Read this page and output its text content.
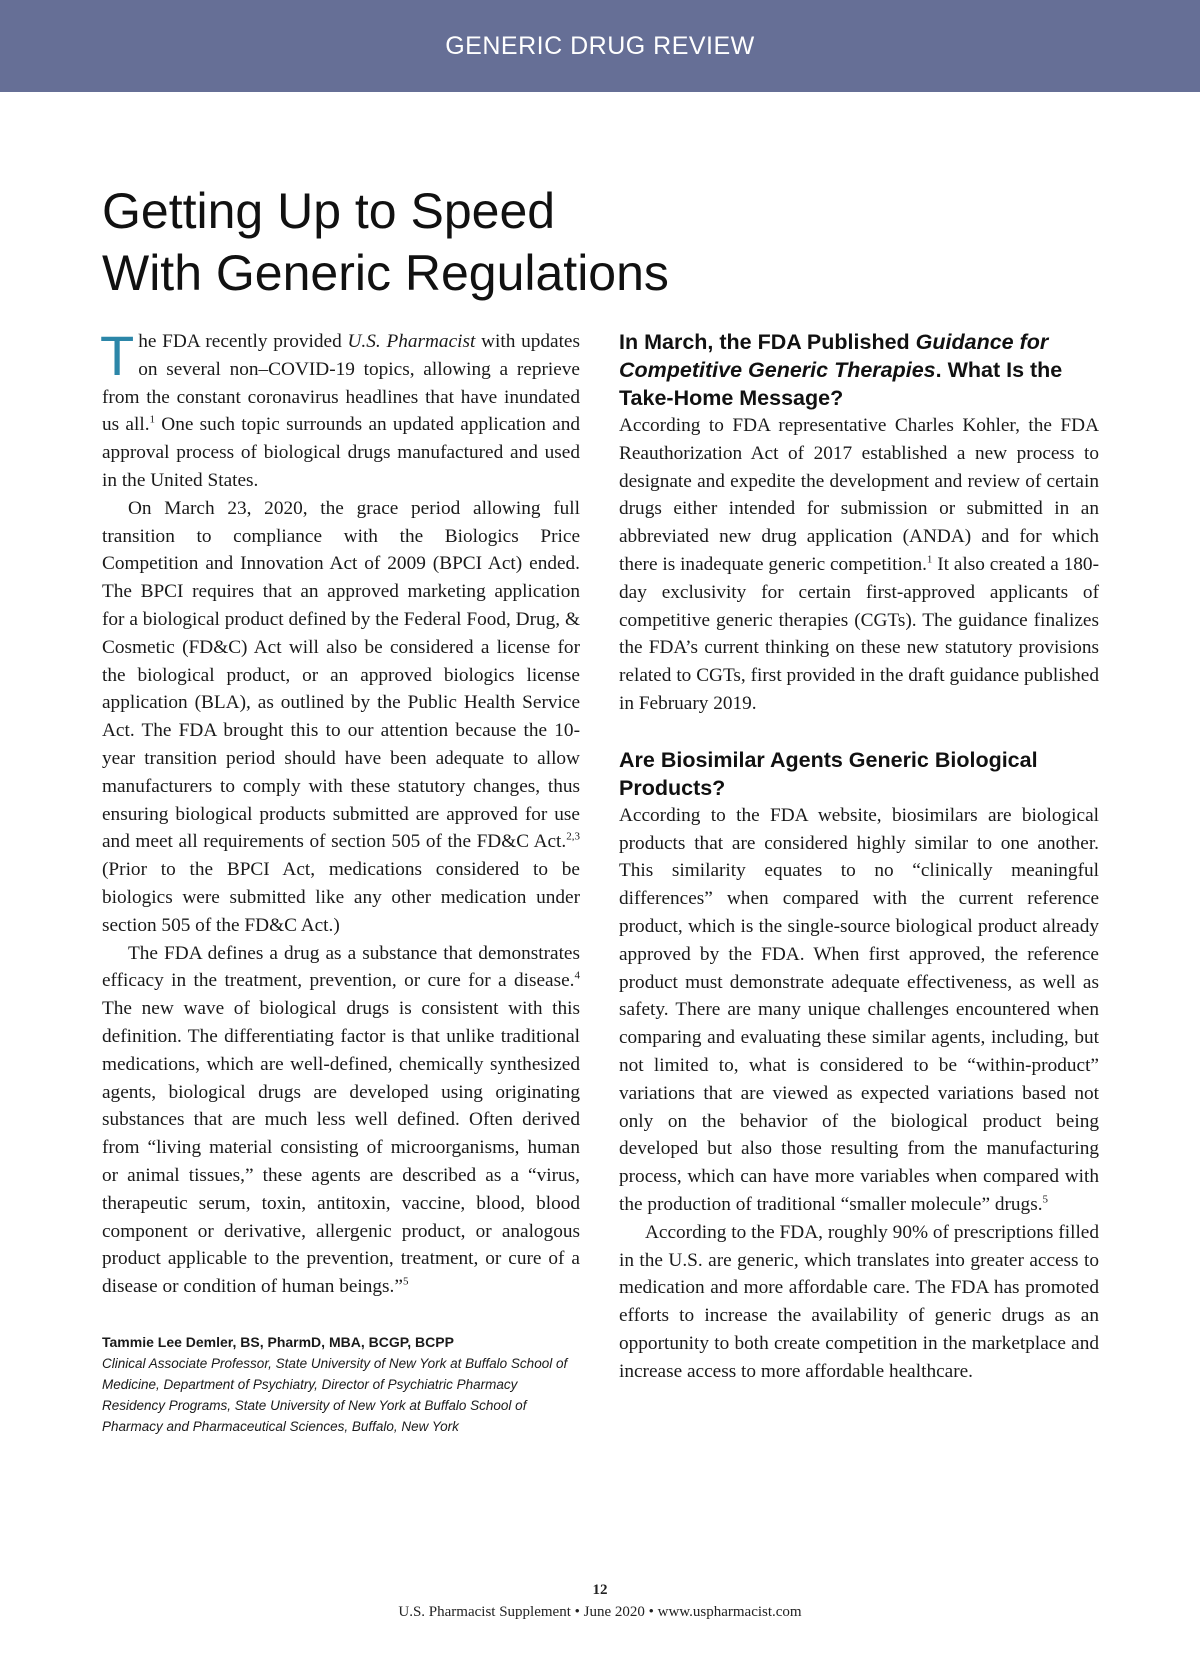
GENERIC DRUG REVIEW
Getting Up to Speed
With Generic Regulations

The FDA recently provided U.S. Pharmacist with updates on several non–COVID-19 topics, allowing a reprieve from the constant coronavirus headlines that have inundated us all.$^1$ One such topic surrounds an updated application and approval process of biological drugs manufactured and used in the United States.

On March 23, 2020, the grace period allowing full transition to compliance with the Biologics Price Competition and Innovation Act of 2009 (BPCI Act) ended. The BPCI requires that an approved marketing application for a biological product defined by the Federal Food, Drug, & Cosmetic (FD&C) Act will also be considered a license for the biological product, or an approved biologics license application (BLA), as outlined by the Public Health Service Act. The FDA brought this to our attention because the 10-year transition period should have been adequate to allow manufacturers to comply with these statutory changes, thus ensuring biological products submitted are approved for use and meet all requirements of section 505 of the FD&C Act.$^{2,3}$ (Prior to the BPCI Act, medications considered to be biologics were submitted like any other medication under section 505 of the FD&C Act.)

The FDA defines a drug as a substance that demonstrates efficacy in the treatment, prevention, or cure for a disease.$^4$ The new wave of biological drugs is consistent with this definition. The differentiating factor is that unlike traditional medications, which are well-defined, chemically synthesized agents, biological drugs are developed using originating substances that are much less well defined. Often derived from “living material consisting of microorganisms, human or animal tissues,” these agents are described as a “virus, therapeutic serum, toxin, antitoxin, vaccine, blood, blood component or derivative, allergenic product, or analogous product applicable to the prevention, treatment, or cure of a disease or condition of human beings.”$^5$

Tammie Lee Demler, BS, PharmD, MBA, BCGP, BCPP

Clinical Associate Professor, State University of New York at Buffalo School of Medicine, Department of Psychiatry, Director of Psychiatric Pharmacy Residency Programs, State University of New York at Buffalo School of Pharmacy and Pharmaceutical Sciences, Buffalo, New York

In March, the FDA Published Guidance for Competitive Generic Therapies. What Is the Take-Home Message?

According to FDA representative Charles Kohler, the FDA Reauthorization Act of 2017 established a new process to designate and expedite the development and review of certain drugs either intended for submission or submitted in an abbreviated new drug application (ANDA) and for which there is inadequate generic competition.$^1$ It also created a 180-day exclusivity for certain first-approved applicants of competitive generic therapies (CGTs). The guidance finalizes the FDA’s current thinking on these new statutory provisions related to CGTs, first provided in the draft guidance published in February 2019.

Are Biosimilar Agents Generic Biological Products?

According to the FDA website, biosimilars are biological products that are considered highly similar to one another. This similarity equates to no “clinically meaningful differences” when compared with the current reference product, which is the single-source biological product already approved by the FDA. When first approved, the reference product must demonstrate adequate effectiveness, as well as safety. There are many unique challenges encountered when comparing and evaluating these similar agents, including, but not limited to, what is considered to be “within-product” variations that are viewed as expected variations based not only on the behavior of the biological product being developed but also those resulting from the manufacturing process, which can have more variables when compared with the production of traditional “smaller molecule” drugs.$^5$

According to the FDA, roughly 90% of prescriptions filled in the U.S. are generic, which translates into greater access to medication and more affordable care. The FDA has promoted efforts to increase the availability of generic drugs as an opportunity to both create competition in the marketplace and increase access to more affordable healthcare.

12
U.S. Pharmacist Supplement • June 2020 • www.uspharmacist.com
